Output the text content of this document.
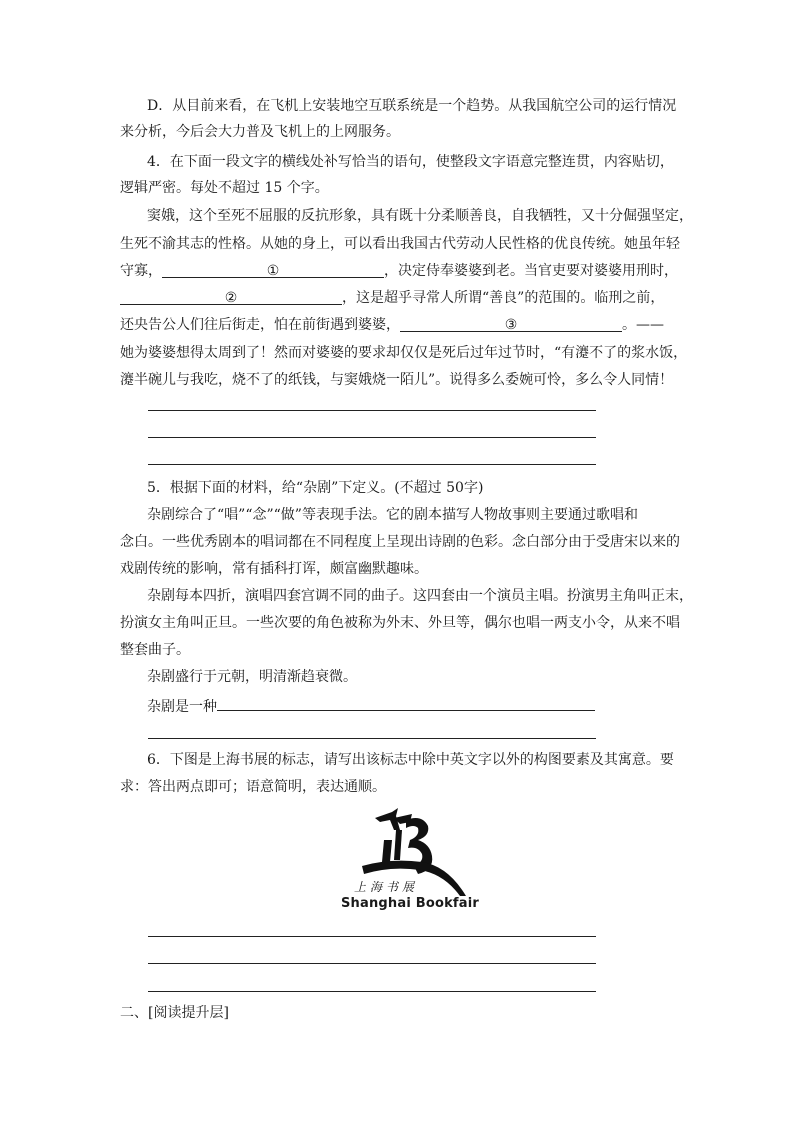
D．从目前来看，在飞机上安装地空互联系统是一个趋势。从我国航空公司的运行情况
来分析，今后会大力普及飞机上的上网服务。
4．在下面一段文字的横线处补写恰当的语句，使整段文字语意完整连贯，内容贴切，
逻辑严密。每处不超过 15 个字。
窦娥，这个至死不屈服的反抗形象，具有既十分柔顺善良，自我牺牲，又十分倔强坚定，
生死不渝其志的性格。从她的身上，可以看出我国古代劳动人民性格的优良传统。她虽年轻
守寡，	①	，决定侍奉婆婆到老。当官吏要对婆婆用刑时，
②	，这是超乎寻常人所谓“善良”的范围的。临刑之前，
还央告公人们往后街走，怕在前街遇到婆婆，	③	。——
她为婆婆想得太周到了！然而对婆婆的要求却仅仅是死后过年过节时，“有瀽不了的浆水饭，
瀽半碗儿与我吃，烧不了的纸钱，与窦娥烧一陌儿”。说得多么委婉可怜，多么令人同情！
5．根据下面的材料，给“杂剧”下定义。(不超过 50字)
杂剧综合了“唱”“念”“做”等表现手法。它的剧本描写人物故事则主要通过歌唱和
念白。一些优秀剧本的唱词都在不同程度上呈现出诗剧的色彩。念白部分由于受唐宋以来的
戏剧传统的影响，常有插科打诨，颇富幽默趣味。
杂剧每本四折，演唱四套宫调不同的曲子。这四套由一个演员主唱。扮演男主角叫正末，
扮演女主角叫正旦。一些次要的角色被称为外末、外旦等，偶尔也唱一两支小令，从来不唱
整套曲子。
杂剧盛行于元朝，明清渐趋衰微。
杂剧是一种
6．下图是上海书展的标志，请写出该标志中除中英文字以外的构图要素及其寓意。要
求：答出两点即可；语意简明，表达通顺。
上海书展
Shanghai Bookfair
二、[阅读提升层]
